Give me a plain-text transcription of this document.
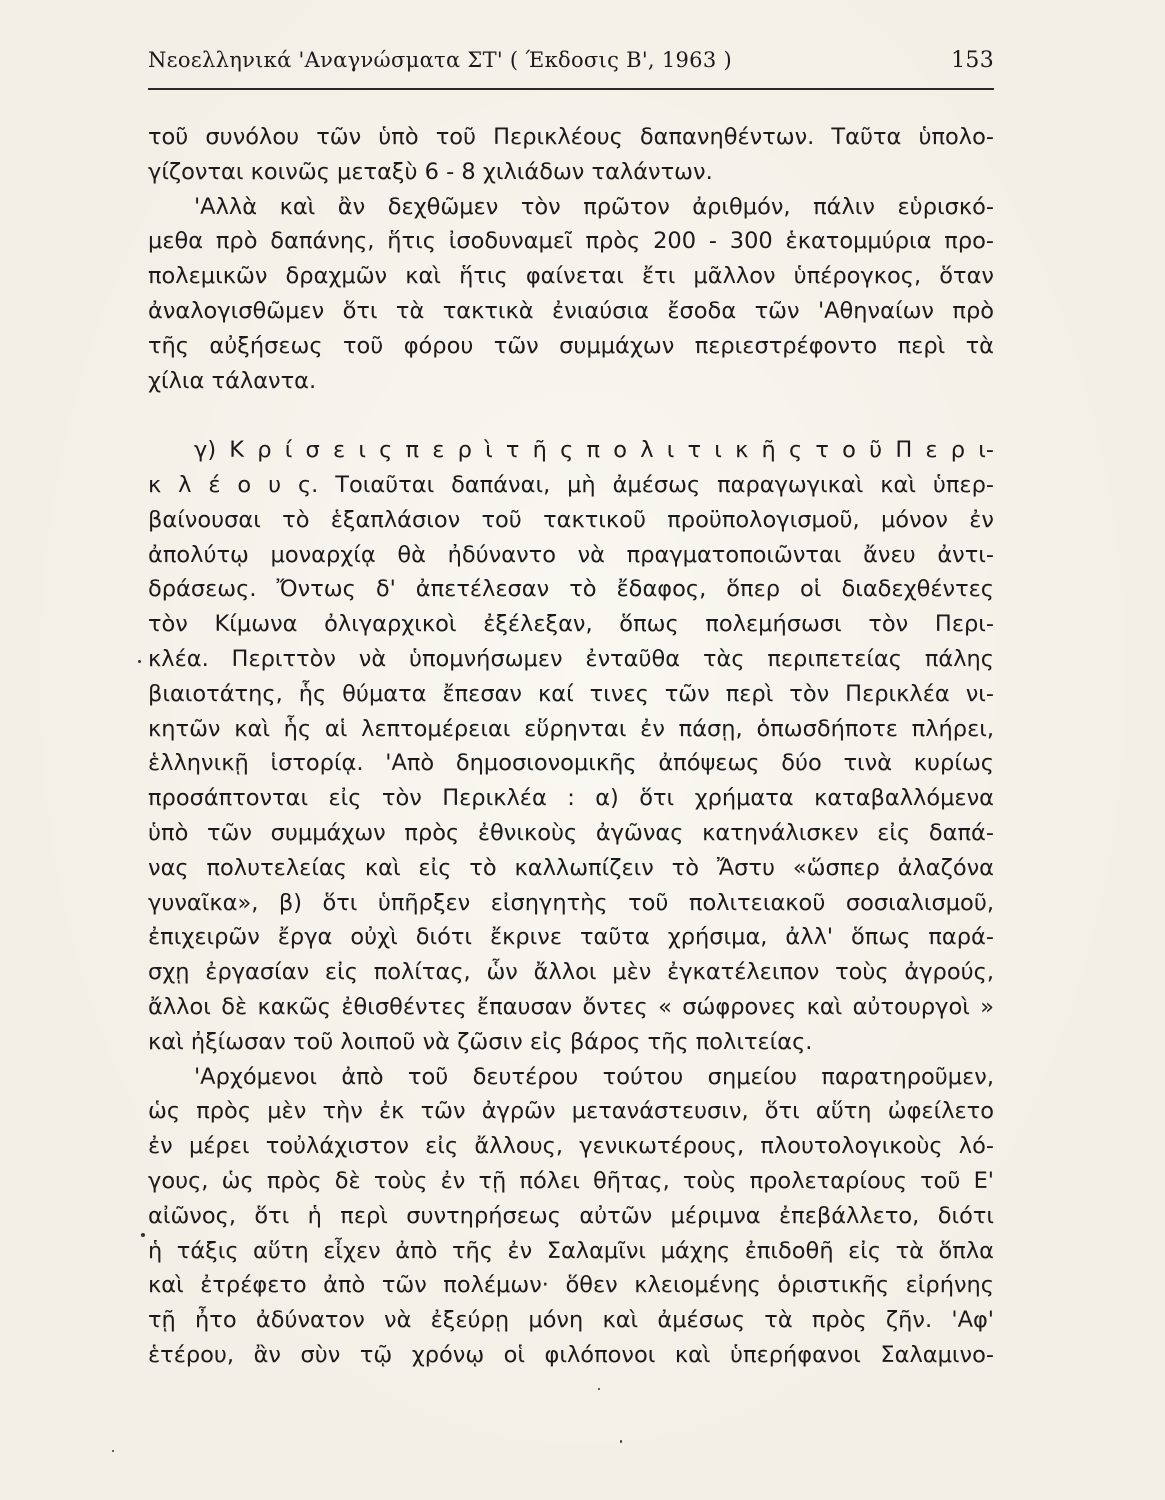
Νεοελληνικά 'Αναγνώσματα ΣΤ' ( Έκδοσις Β', 1963 )	153
τοῦ συνόλου τῶν ὑπὸ τοῦ Περικλέους δαπανηθέντων. Ταῦτα ὑπολο-
γίζονται κοινῶς μεταξὺ 6 - 8 χιλιάδων ταλάντων.
'Αλλὰ καὶ ἂν δεχθῶμεν τὸν πρῶτον ἀριθμόν, πάλιν εὑρισκό-
μεθα πρὸ δαπάνης, ἥτις ἰσοδυναμεῖ πρὸς 200 - 300 ἑκατομμύρια προ-
πολεμικῶν δραχμῶν καὶ ἥτις φαίνεται ἔτι μᾶλλον ὑπέρογκος, ὅταν
ἀναλογισθῶμεν ὅτι τὰ τακτικὰ ἐνιαύσια ἔσοδα τῶν 'Αθηναίων πρὸ
τῆς αὐξήσεως τοῦ φόρου τῶν συμμάχων περιεστρέφοντο περὶ τὰ
χίλια τάλαντα.
γ) Κ ρ ί σ ε ι ς π ε ρ ὶ τ ῆ ς π ο λ ι τ ι κ ῆ ς τ ο ῦ Π ε ρ ι-
κ λ έ ο υ ς. Τοιαῦται δαπάναι, μὴ ἀμέσως παραγωγικαὶ καὶ ὑπερ-
βαίνουσαι τὸ ἑξαπλάσιον τοῦ τακτικοῦ προϋπολογισμοῦ, μόνον ἐν
ἀπολύτῳ μοναρχίᾳ θὰ ἠδύναντο νὰ πραγματοποιῶνται ἄνευ ἀντι-
δράσεως. Ὄντως δ' ἀπετέλεσαν τὸ ἔδαφος, ὅπερ οἱ διαδεχθέντες
τὸν Κίμωνα ὀλιγαρχικοὶ ἐξέλεξαν, ὅπως πολεμήσωσι τὸν Περι-
κλέα. Περιττὸν νὰ ὑπομνήσωμεν ἐνταῦθα τὰς περιπετείας πάλης
βιαιοτάτης, ἧς θύματα ἔπεσαν καί τινες τῶν περὶ τὸν Περικλέα νι-
κητῶν καὶ ἧς αἱ λεπτομέρειαι εὕρηνται ἐν πάσῃ, ὁπωσδήποτε πλήρει,
ἑλληνικῇ ἱστορίᾳ. 'Απὸ δημοσιονομικῆς ἀπόψεως δύο τινὰ κυρίως
προσάπτονται εἰς τὸν Περικλέα : α) ὅτι χρήματα καταβαλλόμενα
ὑπὸ τῶν συμμάχων πρὸς ἐθνικοὺς ἀγῶνας κατηνάλισκεν εἰς δαπά-
νας πολυτελείας καὶ εἰς τὸ καλλωπίζειν τὸ Ἄστυ «ὥσπερ ἀλαζόνα
γυναῖκα», β) ὅτι ὑπῆρξεν εἰσηγητὴς τοῦ πολιτειακοῦ σοσιαλισμοῦ,
ἐπιχειρῶν ἔργα οὐχὶ διότι ἔκρινε ταῦτα χρήσιμα, ἀλλ' ὅπως παρά-
σχῃ ἐργασίαν εἰς πολίτας, ὧν ἄλλοι μὲν ἐγκατέλειπον τοὺς ἀγρούς,
ἄλλοι δὲ κακῶς ἐθισθέντες ἔπαυσαν ὄντες « σώφρονες καὶ αὐτουργοὶ »
καὶ ἠξίωσαν τοῦ λοιποῦ νὰ ζῶσιν εἰς βάρος τῆς πολιτείας.
'Αρχόμενοι ἀπὸ τοῦ δευτέρου τούτου σημείου παρατηροῦμεν,
ὡς πρὸς μὲν τὴν ἐκ τῶν ἀγρῶν μετανάστευσιν, ὅτι αὕτη ὠφείλετο
ἐν μέρει τοὐλάχιστον εἰς ἄλλους, γενικωτέρους, πλουτολογικοὺς λό-
γους, ὡς πρὸς δὲ τοὺς ἐν τῇ πόλει θῆτας, τοὺς προλεταρίους τοῦ Ε'
αἰῶνος, ὅτι ἡ περὶ συντηρήσεως αὐτῶν μέριμνα ἐπεβάλλετο, διότι
ἡ τάξις αὕτη εἶχεν ἀπὸ τῆς ἐν Σαλαμῖνι μάχης ἐπιδοθῆ εἰς τὰ ὅπλα
καὶ ἐτρέφετο ἀπὸ τῶν πολέμων· ὅθεν κλειομένης ὁριστικῆς εἰρήνης
τῇ ἦτο ἀδύνατον νὰ ἐξεύρῃ μόνη καὶ ἀμέσως τὰ πρὸς ζῆν. 'Αφ'
ἑτέρου, ἂν σὺν τῷ χρόνῳ οἱ φιλόπονοι καὶ ὑπερήφανοι Σαλαμινο-
